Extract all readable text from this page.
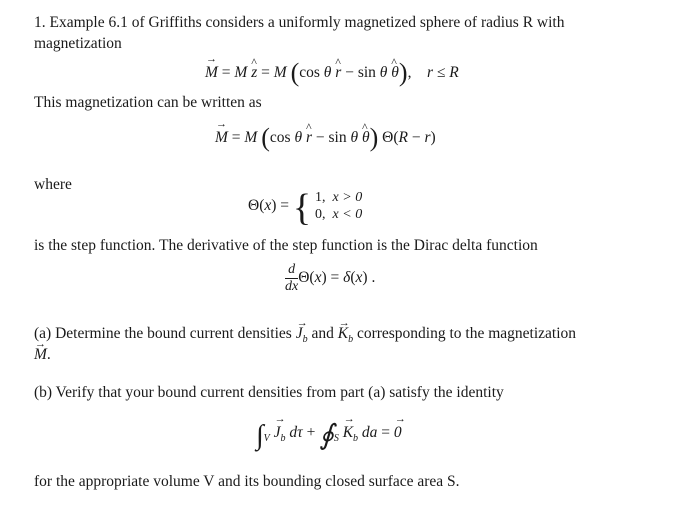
1. Example 6.1 of Griffiths considers a uniformly magnetized sphere of radius R with
magnetization
→ M = M ^ z = M (cos θ ^ r − sin θ ^ θ),    r ≤ R
This magnetization can be written as
→ M = M (cos θ ^ r − sin θ ^ θ) Θ(R − r)
where
Θ(x) = { 1, x > 0
0, x < 0
is the step function. The derivative of the step function is the Dirac delta function
$\frac{d}{dx} \Theta(x) = \delta(x)$ .
(a) Determine the bound current densities → $J_b$ and → $K_b$ corresponding to the magnetization
→ M.
(b) Verify that your bound current densities from part (a) satisfy the identity
$\int_V \to J_b$ $d\tau + ∮_S \to K_b$ da = → 0
for the appropriate volume V and its bounding closed surface area S.
